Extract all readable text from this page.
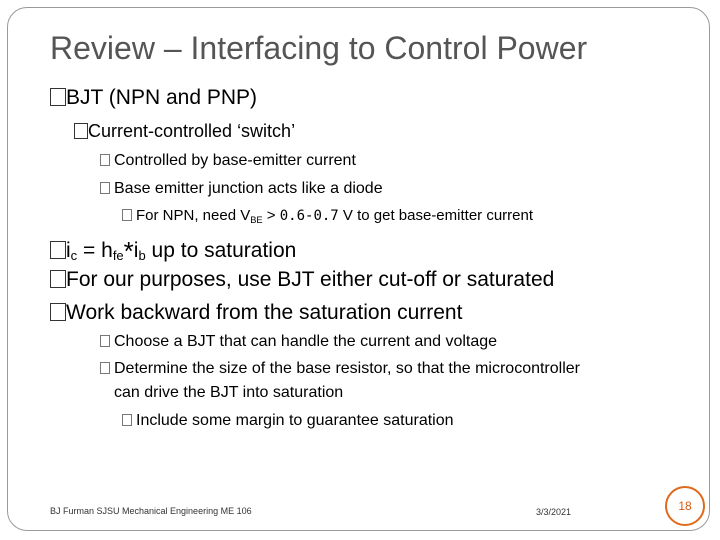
Review – Interfacing to Control Power
BJT (NPN and PNP)
Current-controlled ‘switch’
Controlled by base-emitter current
Base emitter junction acts like a diode
For NPN, need $V_{BE} > 0.6-0.7$ V to get base-emitter current
$i_c = h_{fe}*i_b$ up to saturation
For our purposes, use BJT either cut-off or saturated
Work backward from the saturation current
Choose a BJT that can handle the current and voltage
Determine the size of the base resistor, so that the microcontroller
can drive the BJT into saturation
Include some margin to guarantee saturation
BJ Furman SJSU Mechanical Engineering ME 106	3/3/2021	18
